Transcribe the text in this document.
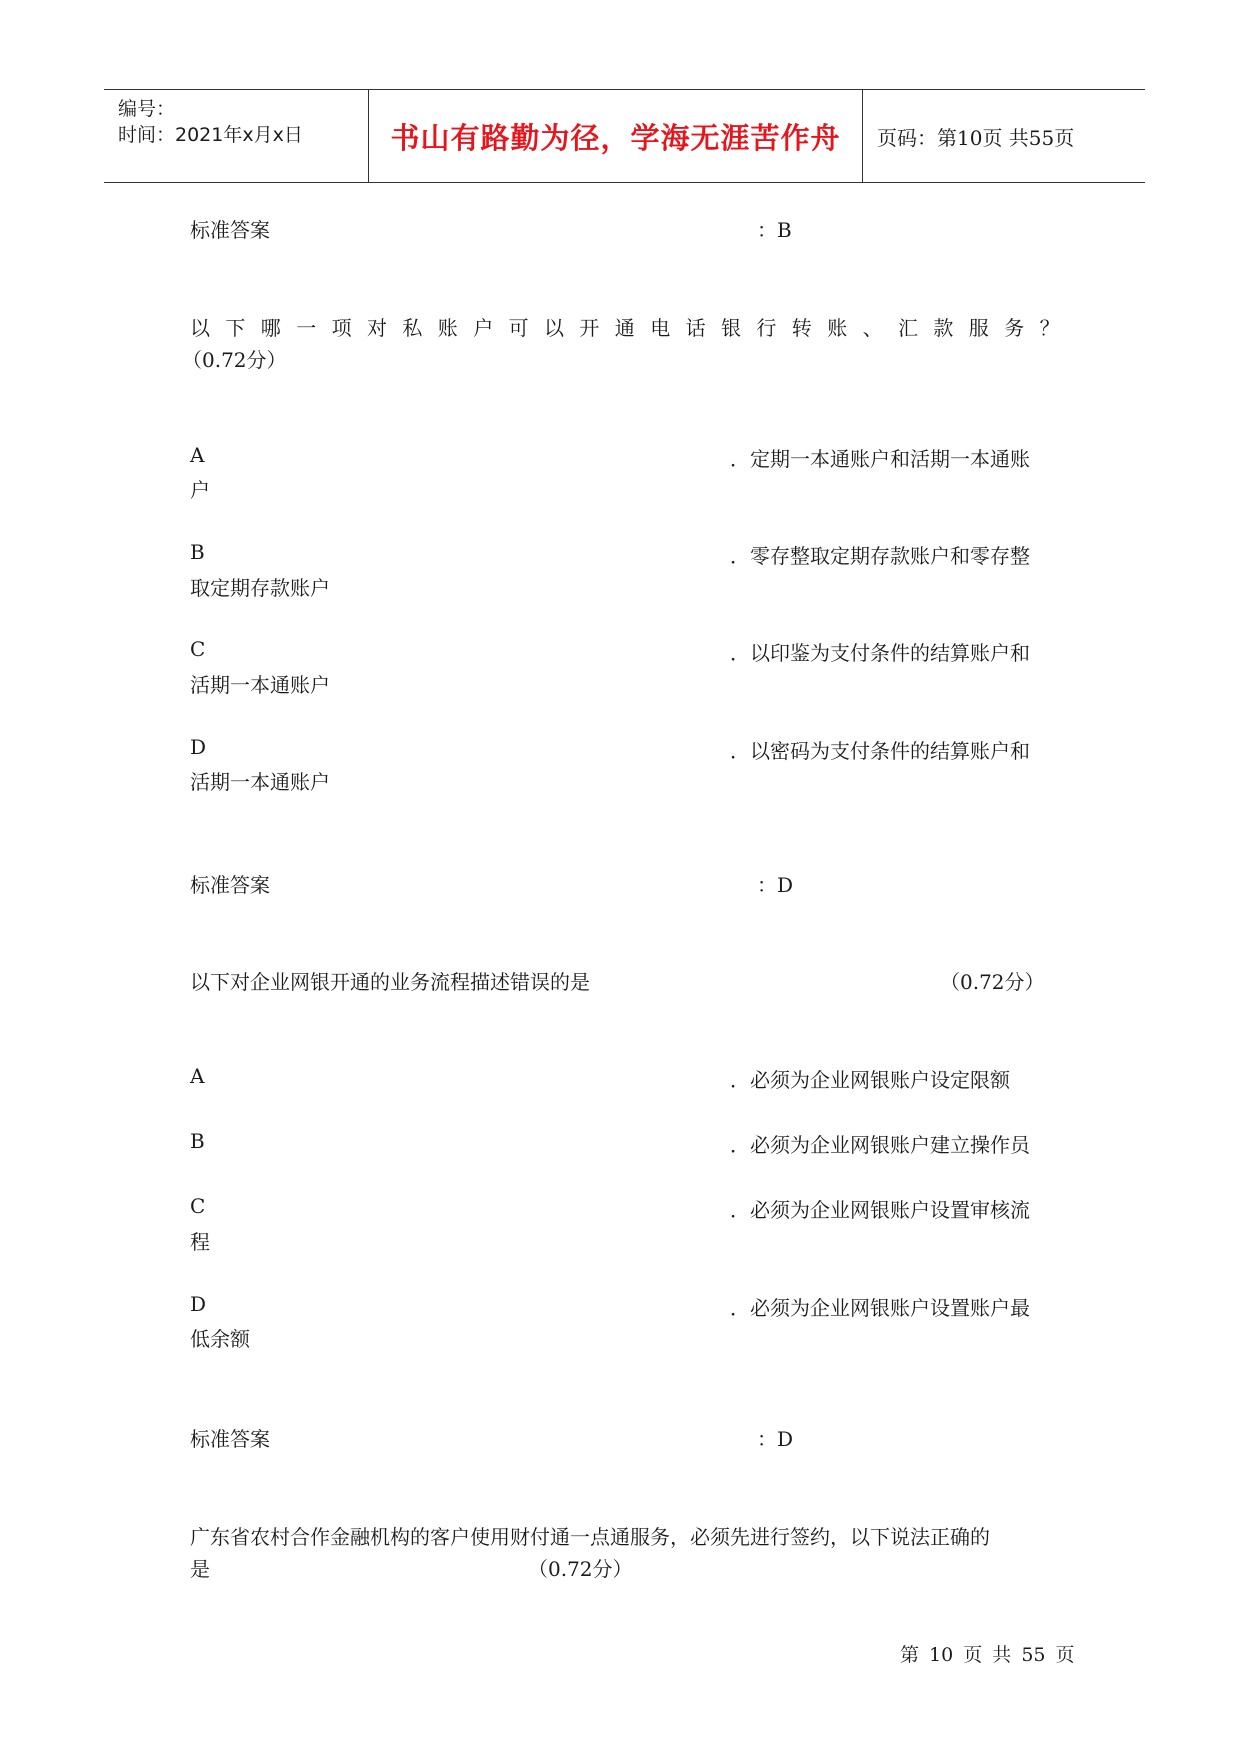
编号：
时间：2021年x月x日	书山有路勤为径，学海无涯苦作舟 页码：第10页 共55页
标准答案	：B
以下哪一项对私账户可以开通电话银行转账、汇款服务？
（0.72分）
A	．定期一本通账户和活期一本通账
户
B	．零存整取定期存款账户和零存整
取定期存款账户
C	．以印鉴为支付条件的结算账户和
活期一本通账户
D	．以密码为支付条件的结算账户和
活期一本通账户
标准答案	：D
以下对企业网银开通的业务流程描述错误的是	（0.72分）
A	．必须为企业网银账户设定限额
B	．必须为企业网银账户建立操作员
C	．必须为企业网银账户设置审核流
程
D	．必须为企业网银账户设置账户最
低余额
标准答案	：D
广东省农村合作金融机构的客户使用财付通一点通服务，必须先进行签约，以下说法正确的
是	（0.72分）
第 10 页 共 55 页
